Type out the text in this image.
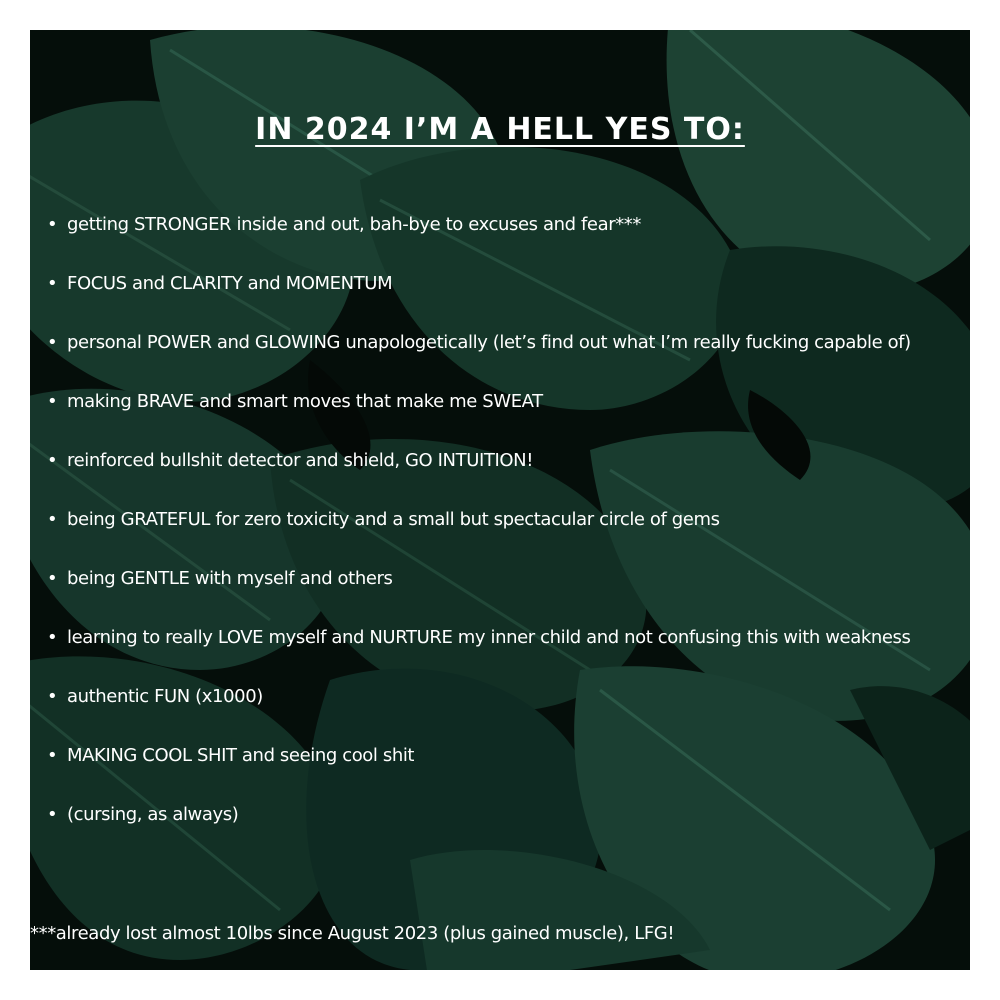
IN 2024 I’M A HELL YES TO:
• getting STRONGER inside and out, bah-bye to excuses and fear***
• FOCUS and CLARITY and MOMENTUM
• personal POWER and GLOWING unapologetically (let’s find out what I’m really fucking capable of)
• making BRAVE and smart moves that make me SWEAT
• reinforced bullshit detector and shield, GO INTUITION!
• being GRATEFUL for zero toxicity and a small but spectacular circle of gems
• being GENTLE with myself and others
• learning to really LOVE myself and NURTURE my inner child and not confusing this with weakness
• authentic FUN (x1000)
• MAKING COOL SHIT and seeing cool shit
• (cursing, as always)
***already lost almost 10lbs since August 2023 (plus gained muscle), LFG!
